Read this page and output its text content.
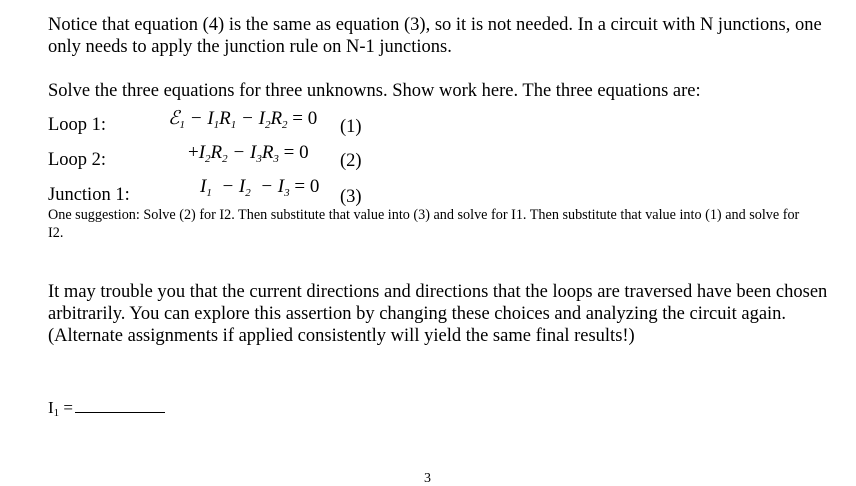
Notice that equation (4) is the same as equation (3), so it is not needed. In a circuit with N junctions, one only needs to apply the junction rule on N-1 junctions.

Solve the three equations for three unknowns. Show work here. The three equations are:

Loop 1:	ℰ$_1$ − $I_1R_1 - I_2R_2 = 0$ (1)
Loop 2:	$+I_2R_2 - I_3R_3 = 0$ (2)
Junction 1:	$I_1 - I_2 - I_3 = 0$ (3)

One suggestion: Solve (2) for I2. Then substitute that value into (3) and solve for I1. Then substitute that value into (1) and solve for I2.

It may trouble you that the current directions and directions that the loops are traversed have been chosen arbitrarily. You can explore this assertion by changing these choices and analyzing the circuit again. (Alternate assignments if applied consistently will yield the same final results!)

$I_1$ =
3
